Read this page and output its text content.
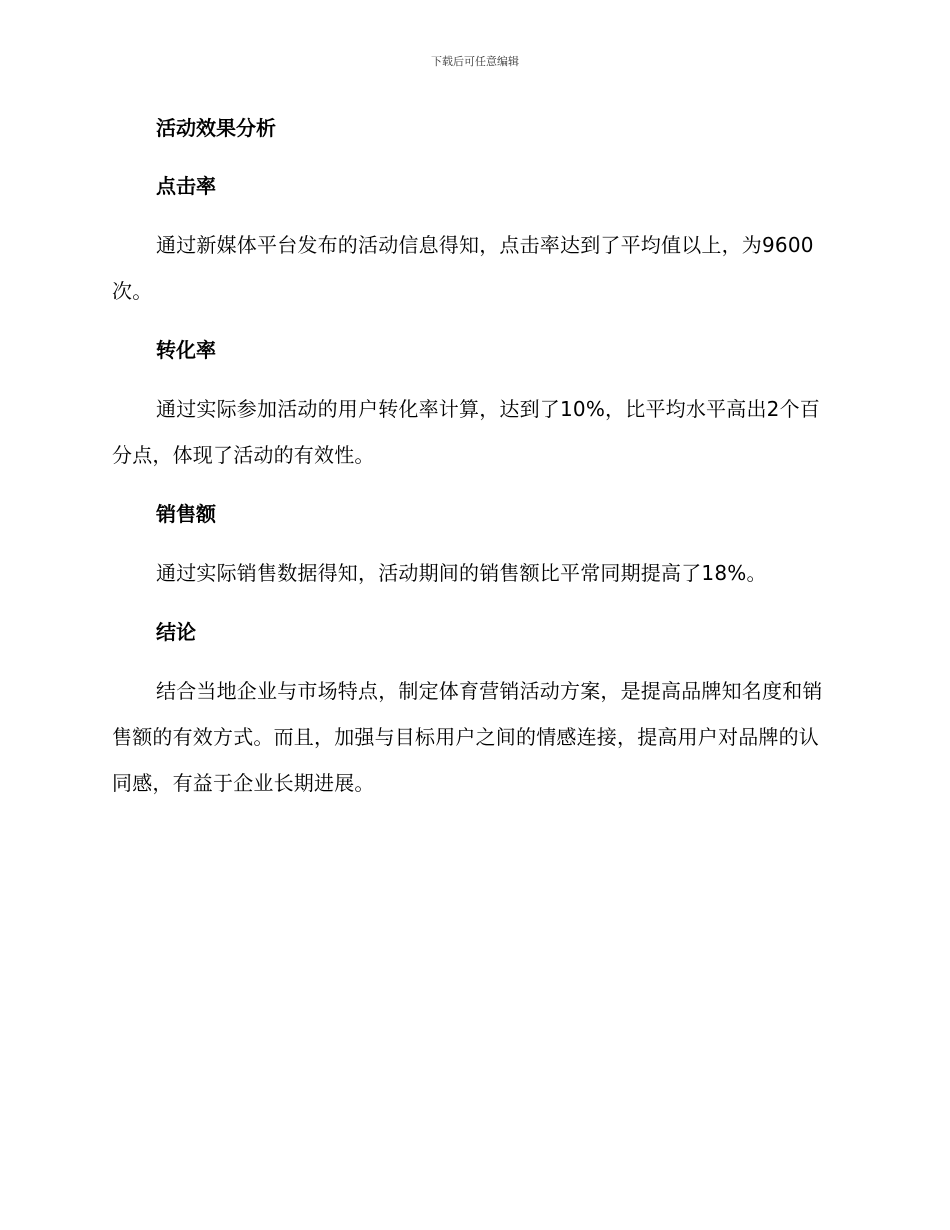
下载后可任意编辑
活动效果分析
点击率

通过新媒体平台发布的活动信息得知，点击率达到了平均值以上，为9600次。

转化率

通过实际参加活动的用户转化率计算，达到了10%，比平均水平高出2个百分点，体现了活动的有效性。

销售额

通过实际销售数据得知，活动期间的销售额比平常同期提高了18%。

结论

结合当地企业与市场特点，制定体育营销活动方案，是提高品牌知名度和销售额的有效方式。而且，加强与目标用户之间的情感连接，提高用户对品牌的认同感，有益于企业长期进展。
